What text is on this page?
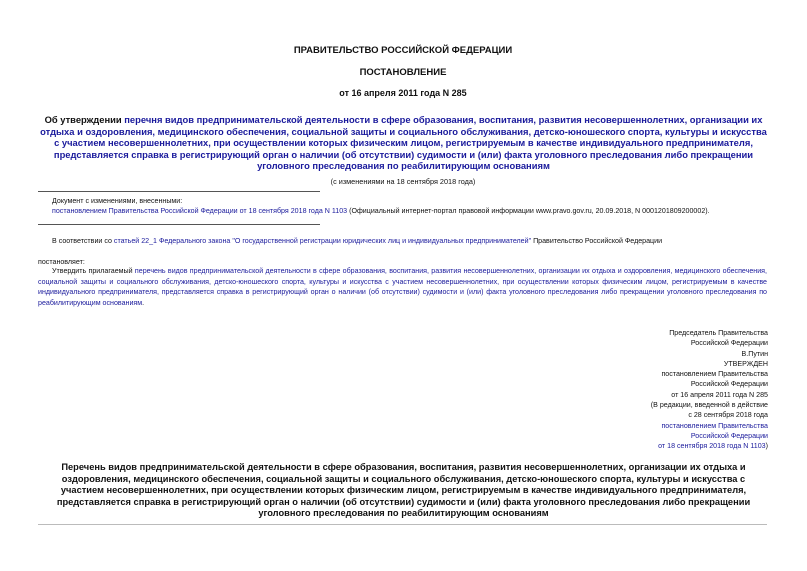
ПРАВИТЕЛЬСТВО РОССИЙСКОЙ ФЕДЕРАЦИИ
ПОСТАНОВЛЕНИЕ
от 16 апреля 2011 года N 285
Об утверждении перечня видов предпринимательской деятельности в сфере образования, воспитания, развития несовершеннолетних, организации их отдыха и оздоровления, медицинского обеспечения, социальной защиты и социального обслуживания, детско-юношеского спорта, культуры и искусства с участием несовершеннолетних, при осуществлении которых физическим лицом, регистрируемым в качестве индивидуального предпринимателя, представляется справка в регистрирующий орган о наличии (об отсутствии) судимости и (или) факта уголовного преследования либо прекращении уголовного преследования по реабилитирующим основаниям
(с изменениями на 18 сентября 2018 года)
Документ с изменениями, внесенными:
постановлением Правительства Российской Федерации от 18 сентября 2018 года N 1103 (Официальный интернет-портал правовой информации www.pravo.gov.ru, 20.09.2018, N 0001201809200002).
В соответствии со статьей 22_1 Федерального закона "О государственной регистрации юридических лиц и индивидуальных предпринимателей" Правительство Российской Федерации
постановляет:
Утвердить прилагаемый перечень видов предпринимательской деятельности в сфере образования, воспитания, развития несовершеннолетних, организации их отдыха и оздоровления, медицинского обеспечения, социальной защиты и социального обслуживания, детско-юношеского спорта, культуры и искусства с участием несовершеннолетних, при осуществлении которых физическим лицом, регистрируемым в качестве индивидуального предпринимателя, представляется справка в регистрирующий орган о наличии (об отсутствии) судимости и (или) факта уголовного преследования либо прекращении уголовного преследования по реабилитирующим основаниям.
Председатель Правительства
Российской Федерации
В.Путин
УТВЕРЖДЕН
постановлением Правительства
Российской Федерации
от 16 апреля 2011 года N 285
(В редакции, введенной в действие
с 28 сентября 2018 года
постановлением Правительства
Российской Федерации
от 18 сентября 2018 года N 1103)
Перечень видов предпринимательской деятельности в сфере образования, воспитания, развития несовершеннолетних, организации их отдыха и оздоровления, медицинского обеспечения, социальной защиты и социального обслуживания, детско-юношеского спорта, культуры и искусства с участием несовершеннолетних, при осуществлении которых физическим лицом, регистрируемым в качестве индивидуального предпринимателя, представляется справка в регистрирующий орган о наличии (об отсутствии) судимости и (или) факта уголовного преследования либо прекращении уголовного преследования по реабилитирующим основаниям
